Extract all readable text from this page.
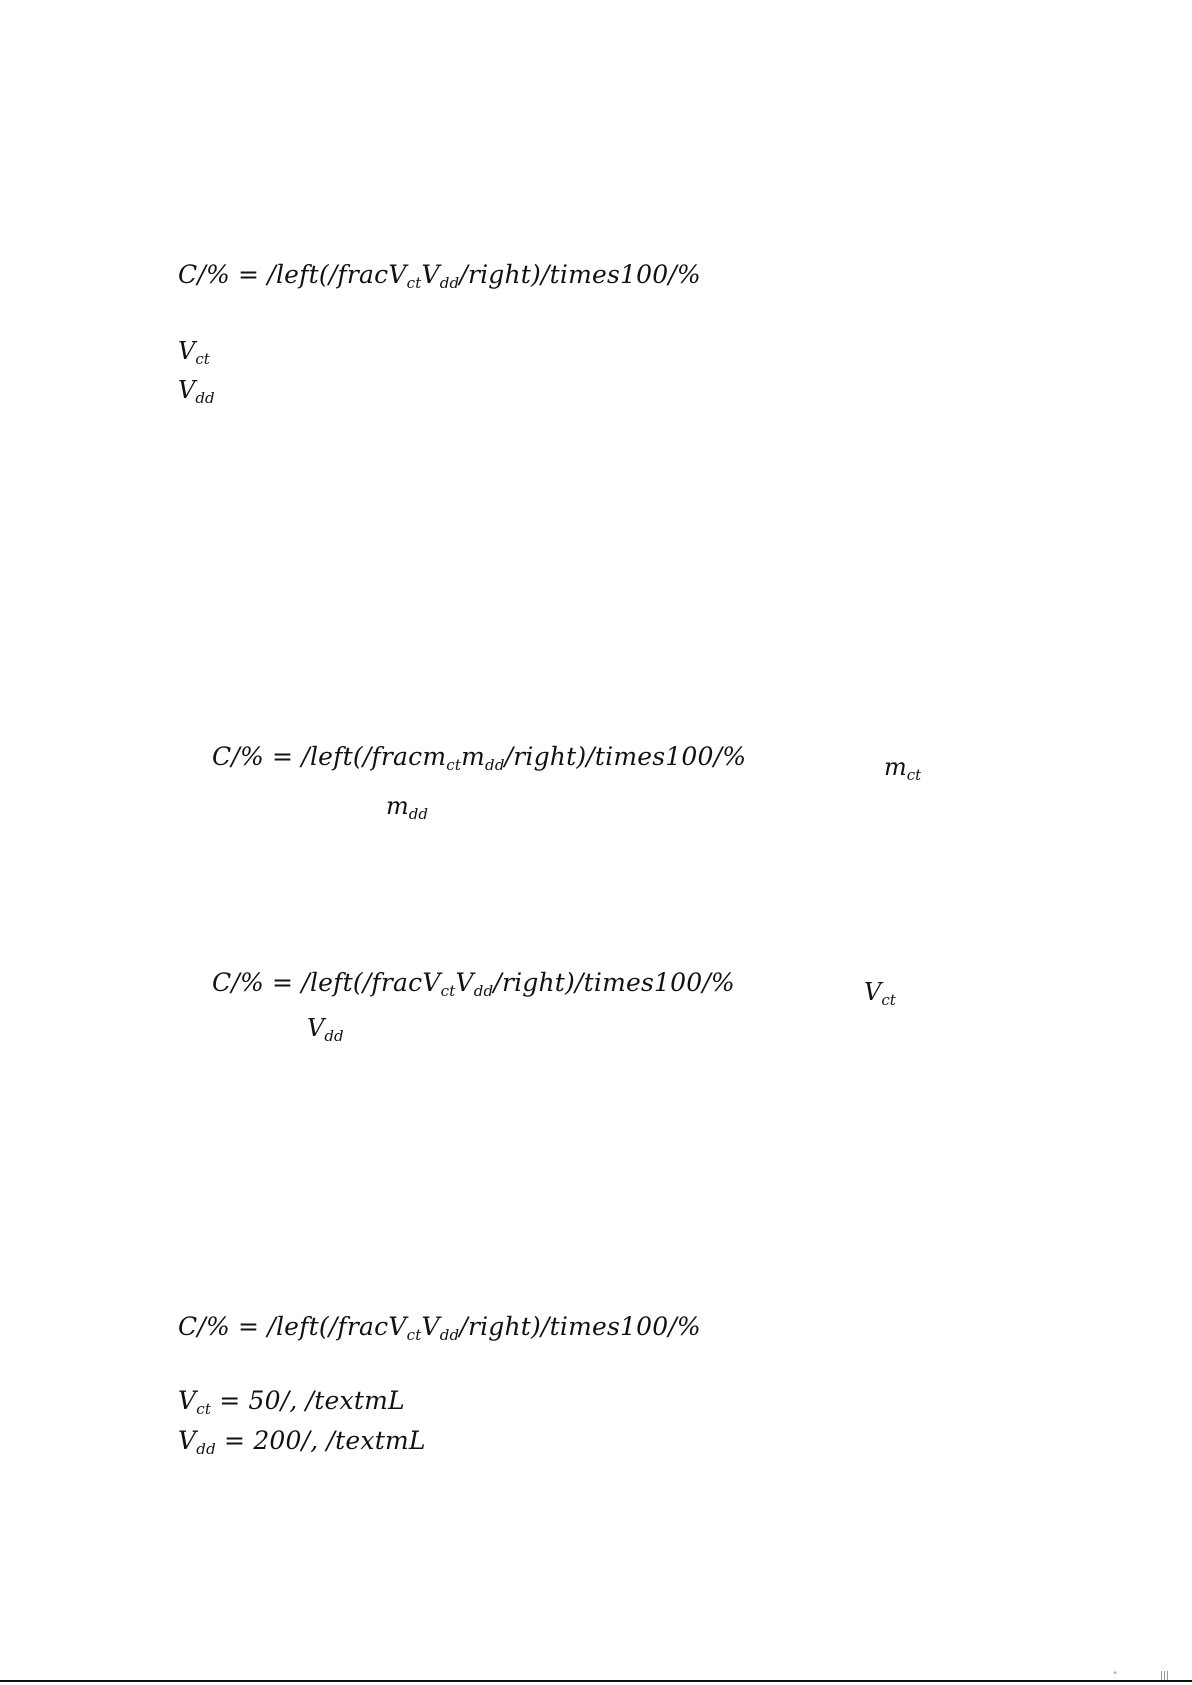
$C/\% = /left(/fracV_{ct}V_{dd}/right)/times100/\%$
$V_{ct}$
$V_{dd}$
$C/\% = /left(/fracm_{ct}m_{dd}/right)/times100/\%$	$m_{ct}$
$m_{dd}$
$C/\% = /left(/fracV_{ct}V_{dd}/right)/times100/\%$	$V_{ct}$
$V_{dd}$
$C/\% = /left(/fracV_{ct}V_{dd}/right)/times100/\%$
$V_{ct} = 50/$, /textmL
$V_{dd} = 200/$, /textmL
"	|||
